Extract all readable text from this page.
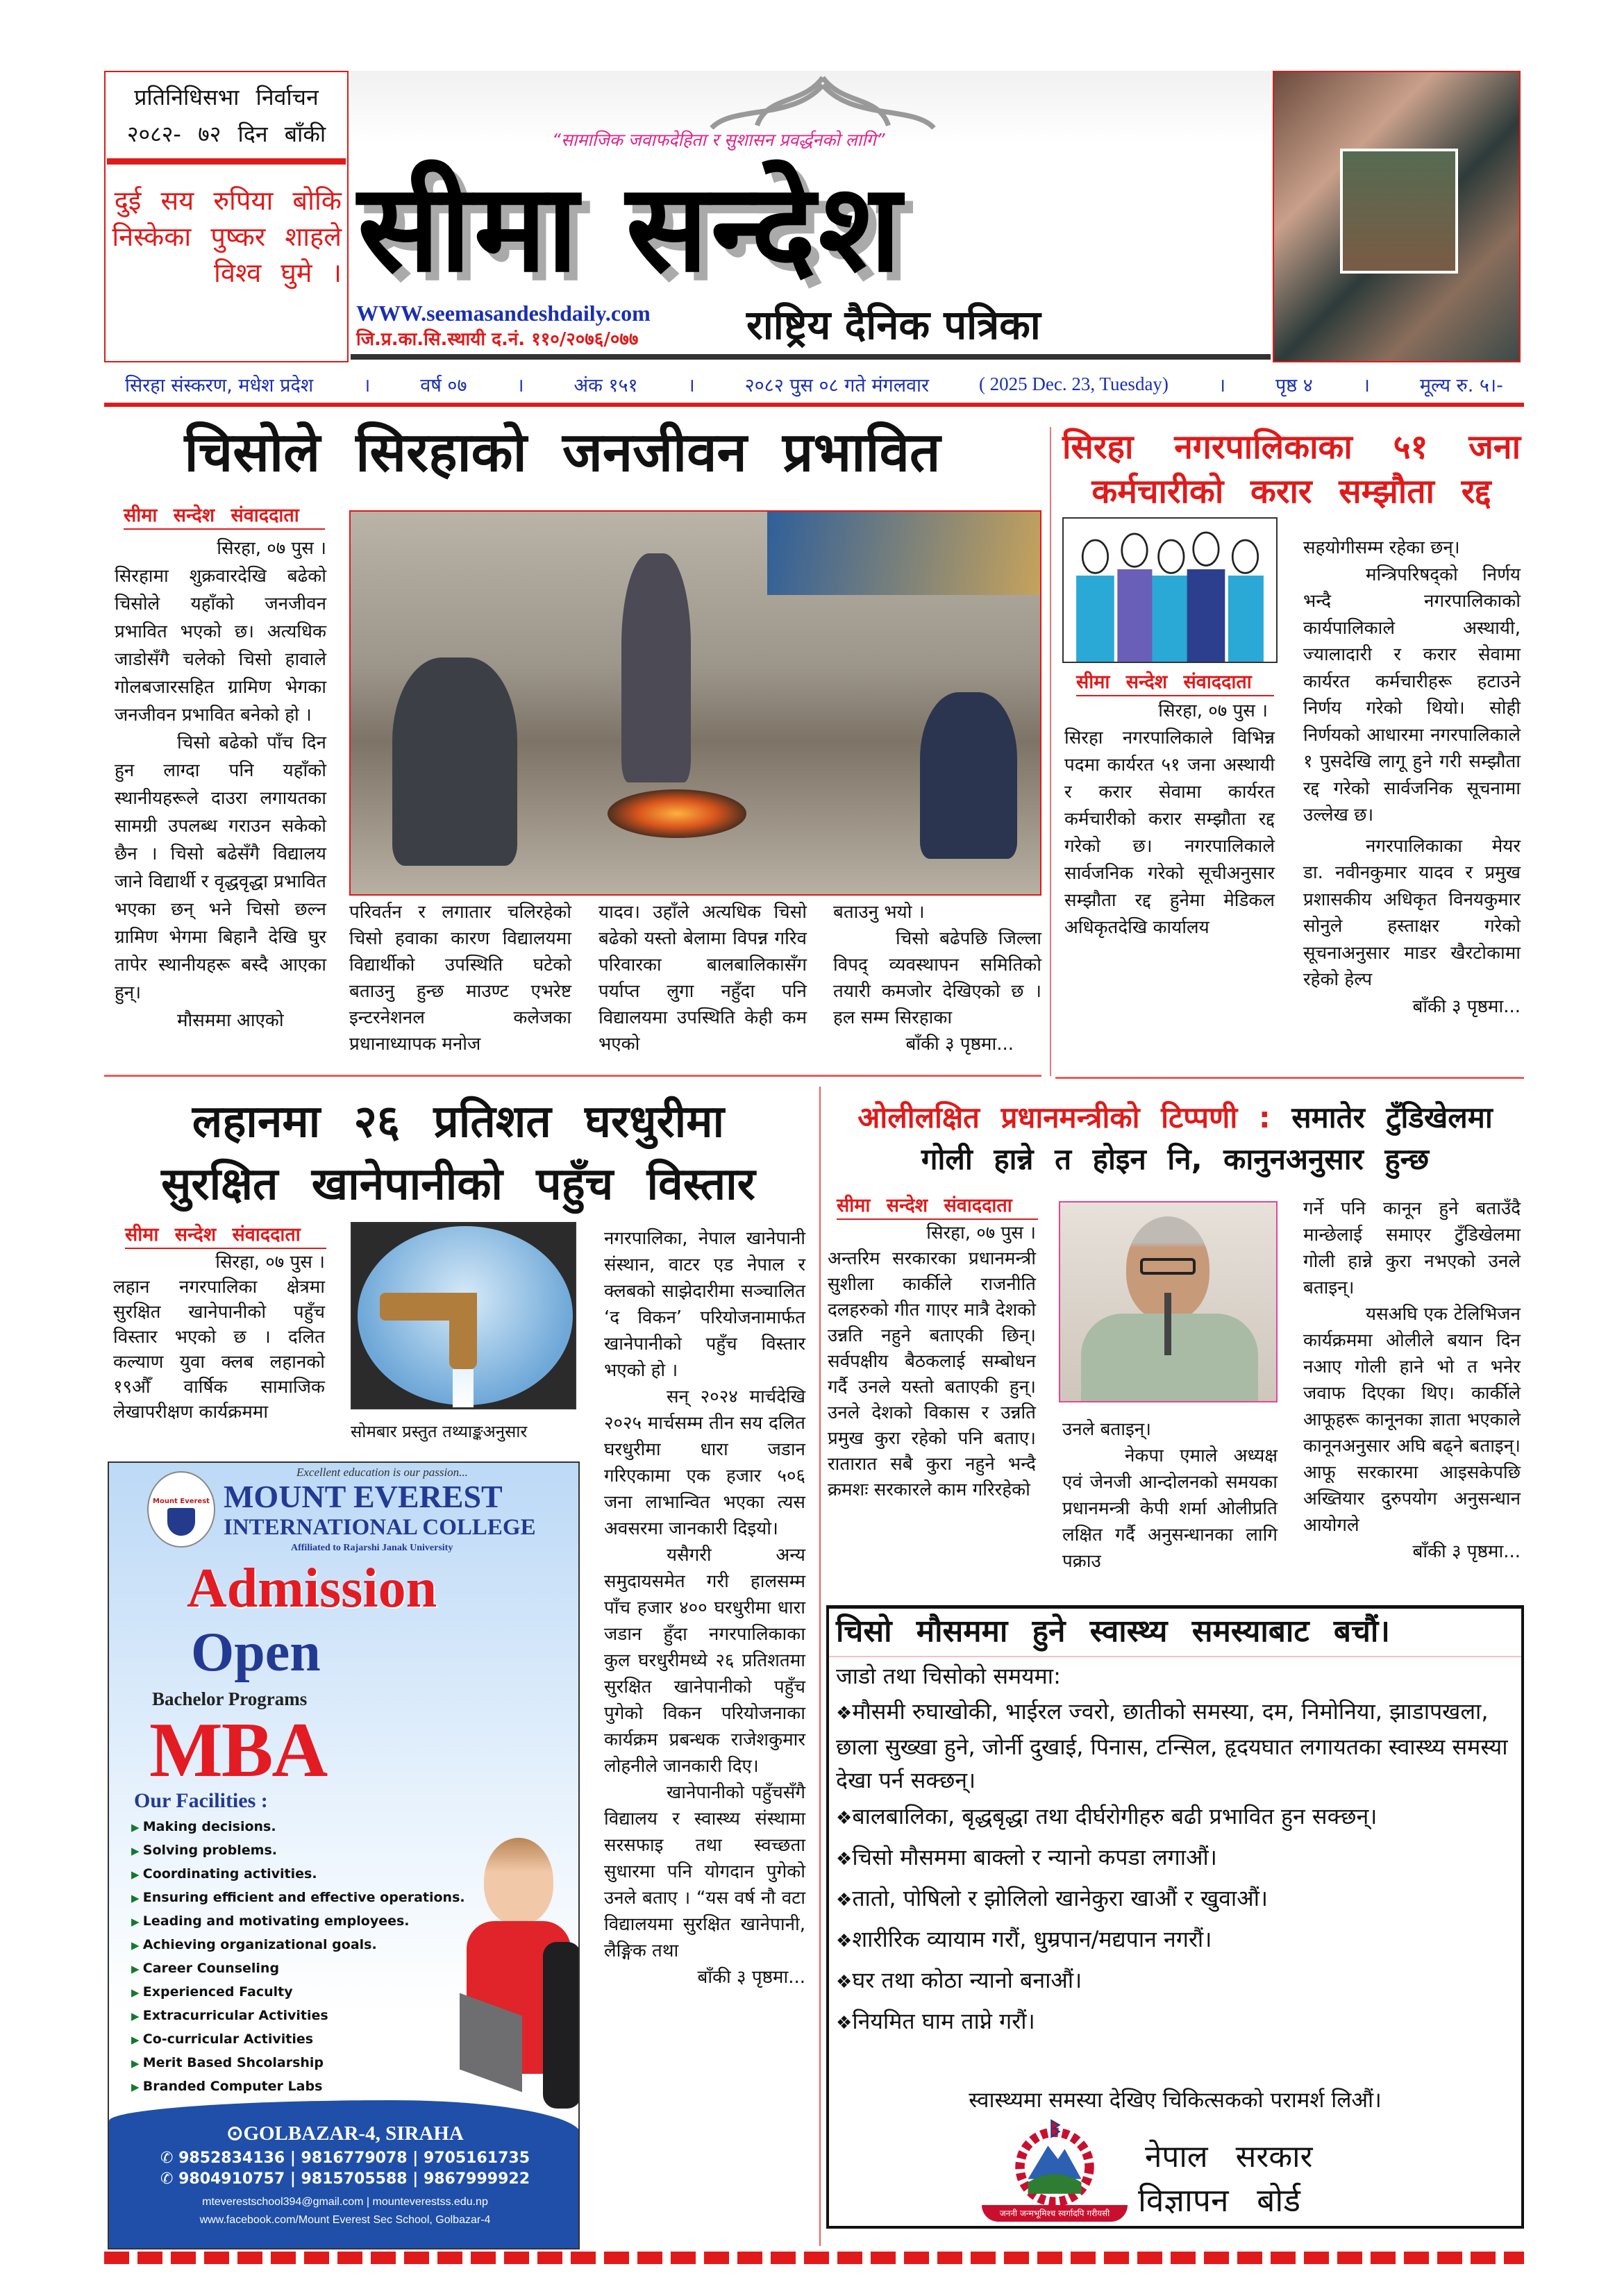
प्रतिनिधिसभा निर्वाचन
२०८२- ७२ दिन बाँकी
दुई सय रुपिया बोकि निस्केका पुष्कर शाहले विश्व घुमे ।
“सामाजिक जवाफदेहिता र सुशासन प्रवर्द्धनको लागि”
सीमा सन्देश
WWW.seemasandeshdaily.com
जि.प्र.का.सि.स्थायी द.नं. ११०/२०७६/०७७	राष्ट्रिय दैनिक पत्रिका
सिरहा संस्करण, मधेश प्रदेश	।	वर्ष ०७	।	अंक १५१	।	२०८२ पुस ०८ गते मंगलवार	( 2025 Dec. 23, Tuesday)	।	पृष्ठ ४	।	मूल्य रु. ५।-
चिसोले सिरहाको जनजीवन प्रभावित
सीमा सन्देश संवाददाता

सिरहा, ०७ पुस ।

सिरहामा शुक्रवारदेखि बढेको चिसोले यहाँको जनजीवन प्रभावित भएको छ। अत्यधिक जाडोसँगै चलेको चिसो हावाले गोलबजारसहित ग्रामिण भेगका जनजीवन प्रभावित बनेको हो ।

चिसो बढेको पाँच दिन हुन लाग्दा पनि यहाँको स्थानीयहरूले दाउरा लगायतका सामग्री उपलब्ध गराउन सकेको छैन । चिसो बढेसँगै विद्यालय जाने विद्यार्थी र वृद्धवृद्धा प्रभावित भएका छन् भने चिसो छल्न ग्रामिण भेगमा बिहानै देखि घुर तापेर स्थानीयहरू बस्दै आएका हुन्।

मौसममा आएको

परिवर्तन र लगातार चलिरहेको चिसो हवाका कारण विद्यालयमा विद्यार्थीको उपस्थिति घटेको बताउनु हुन्छ माउण्ट एभरेष्ट इन्टरनेशनल कलेजका प्रधानाध्यापक मनोज

यादव। उहाँले अत्यधिक चिसो बढेको यस्तो बेलामा विपन्न गरिव परिवारका बालबालिकासँग पर्याप्त लुगा नहुँदा पनि विद्यालयमा उपस्थिति केही कम भएको

बताउनु भयो ।

चिसो बढेपछि जिल्ला विपद् व्यवस्थापन समितिको तयारी कमजोर देखिएको छ । हल सम्म सिरहाका

बाँकी ३ पृष्ठमा...

सिरहा नगरपालिकाका ५१ जना कर्मचारीको करार सम्झौता रद्द
सीमा सन्देश संवाददाता

सिरहा, ०७ पुस ।

सिरहा नगरपालिकाले विभिन्न पदमा कार्यरत ५१ जना अस्थायी र करार सेवामा कार्यरत कर्मचारीको करार सम्झौता रद्द गरेको छ। नगरपालिकाले सार्वजनिक गरेको सूचीअनुसार सम्झौता रद्द हुनेमा मेडिकल अधिकृतदेखि कार्यालय

सहयोगीसम्म रहेका छन्।

मन्त्रिपरिषद्को निर्णय भन्दै नगरपालिकाको कार्यपालिकाले अस्थायी, ज्यालादारी र करार सेवामा कार्यरत कर्मचारीहरू हटाउने निर्णय गरेको थियो। सोही निर्णयको आधारमा नगरपालिकाले १ पुसदेखि लागू हुने गरी सम्झौता रद्द गरेको सार्वजनिक सूचनामा उल्लेख छ।

नगरपालिकाका मेयर डा. नवीनकुमार यादव र प्रमुख प्रशासकीय अधिकृत विनयकुमार सोनुले हस्ताक्षर गरेको सूचनाअनुसार माडर खैरटोकामा रहेको हेल्प

बाँकी ३ पृष्ठमा...

लहानमा २६ प्रतिशत घरधुरीमा
सुरक्षित खानेपानीको पहुँच विस्तार
सीमा सन्देश संवाददाता

सिरहा, ०७ पुस ।

लहान नगरपालिका क्षेत्रमा सुरक्षित खानेपानीको पहुँच विस्तार भएको छ । दलित कल्याण युवा क्लब लहानको १९औँ वार्षिक सामाजिक लेखापरीक्षण कार्यक्रममा

सोमबार प्रस्तुत तथ्याङ्कअनुसार

नगरपालिका, नेपाल खानेपानी संस्थान, वाटर एड नेपाल र क्लबको साझेदारीमा सञ्चालित ‘द विकन’ परियोजनामार्फत खानेपानीको पहुँच विस्तार भएको हो ।

सन् २०२४ मार्चदेखि २०२५ मार्चसम्म तीन सय दलित घरधुरीमा धारा जडान गरिएकामा एक हजार ५०६ जना लाभान्वित भएका त्यस अवसरमा जानकारी दिइयो।

यसैगरी अन्य समुदायसमेत गरी हालसम्म पाँच हजार ४०० घरधुरीमा धारा जडान हुँदा नगरपालिकाका कुल घरधुरीमध्ये २६ प्रतिशतमा सुरक्षित खानेपानीको पहुँच पुगेको विकन परियोजनाका कार्यक्रम प्रबन्धक राजेशकुमार लोहनीले जानकारी दिए।

खानेपानीको पहुँचसँगै विद्यालय र स्वास्थ्य संस्थामा सरसफाइ तथा स्वच्छता सुधारमा पनि योगदान पुगेको उनले बताए । “यस वर्ष नौ वटा विद्यालयमा सुरक्षित खानेपानी, लैङ्गिक तथा

बाँकी ३ पृष्ठमा...

Excellent education is our passion...
Mount Everest MOUNT EVEREST
INTERNATIONAL COLLEGE
Affiliated to Rajarshi Janak University
Admission
Open
Bachelor Programs
MBA
Our Facilities :
▶ Making decisions.
▶ Solving problems.
▶ Coordinating activities.
▶ Ensuring efficient and effective operations.
▶ Leading and motivating employees.
▶ Achieving organizational goals.
▶ Career Counseling
▶ Experienced Faculty
▶ Extracurricular Activities
▶ Co-curricular Activities
▶ Merit Based Shcolarship
▶ Branded Computer Labs
⊙GOLBAZAR-4, SIRAHA
✆ 9852834136 | 9816779078 | 9705161735
✆ 9804910757 | 9815705588 | 9867999922
mteverestschool394@gmail.com | mounteverestss.edu.np
www.facebook.com/Mount Everest Sec School, Golbazar-4
ओलीलक्षित प्रधानमन्त्रीको टिप्पणी : समातेर टुँडिखेलमा
गोली हान्ने त होइन नि, कानुनअनुसार हुन्छ
सीमा सन्देश संवाददाता

सिरहा, ०७ पुस ।

अन्तरिम सरकारका प्रधानमन्त्री सुशीला कार्कीले राजनीति दलहरुको गीत गाएर मात्रै देशको उन्नति नहुने बताएकी छिन्। सर्वपक्षीय बैठकलाई सम्बोधन गर्दै उनले यस्तो बताएकी हुन्। उनले देशको विकास र उन्नति प्रमुख कुरा रहेको पनि बताए। रातारात सबै कुरा नहुने भन्दै क्रमशः सरकारले काम गरिरहेको

उनले बताइन्।

नेकपा एमाले अध्यक्ष एवं जेनजी आन्दोलनको समयका प्रधानमन्त्री केपी शर्मा ओलीप्रति लक्षित गर्दै अनुसन्धानका लागि पक्राउ

गर्ने पनि कानून हुने बताउँदै मान्छेलाई समाएर टुँडिखेलमा गोली हान्ने कुरा नभएको उनले बताइन्।

यसअघि एक टेलिभिजन कार्यक्रममा ओलीले बयान दिन नआए गोली हाने भो त भनेर जवाफ दिएका थिए। कार्कीले आफूहरू कानूनका ज्ञाता भएकाले कानूनअनुसार अघि बढ्ने बताइन्। आफू सरकारमा आइसकेपछि अख्तियार दुरुपयोग अनुसन्धान आयोगले

बाँकी ३ पृष्ठमा...

चिसो मौसममा हुने स्वास्थ्य समस्याबाट बचौं।
जाडो तथा चिसोको समयमा:
❖ मौसमी रुघाखोकी, भाईरल ज्वरो, छातीको समस्या, दम, निमोनिया, झाडापखला, छाला सुख्खा हुने, जोर्नी दुखाई, पिनास, टन्सिल, हृदयघात लगायतका स्वास्थ्य समस्या देखा पर्न सक्छन्।
❖ बालबालिका, बृद्धबृद्धा तथा दीर्घरोगीहरु बढी प्रभावित हुन सक्छन्।
❖ चिसो मौसममा बाक्लो र न्यानो कपडा लगाऔं।
❖ तातो, पोषिलो र झोलिलो खानेकुरा खाऔं र खुवाऔं।
❖ शारीरिक व्यायाम गरौं, धुम्रपान/मद्यपान नगरौं।
❖ घर तथा कोठा न्यानो बनाऔं।
❖ नियमित घाम ताप्ने गरौं।
स्वास्थ्यमा समस्या देखिए चिकित्सकको परामर्श लिऔं।
जननी जन्मभूमिश्च स्वर्गादपि गरीयसी
नेपाल सरकार
विज्ञापन बोर्ड
